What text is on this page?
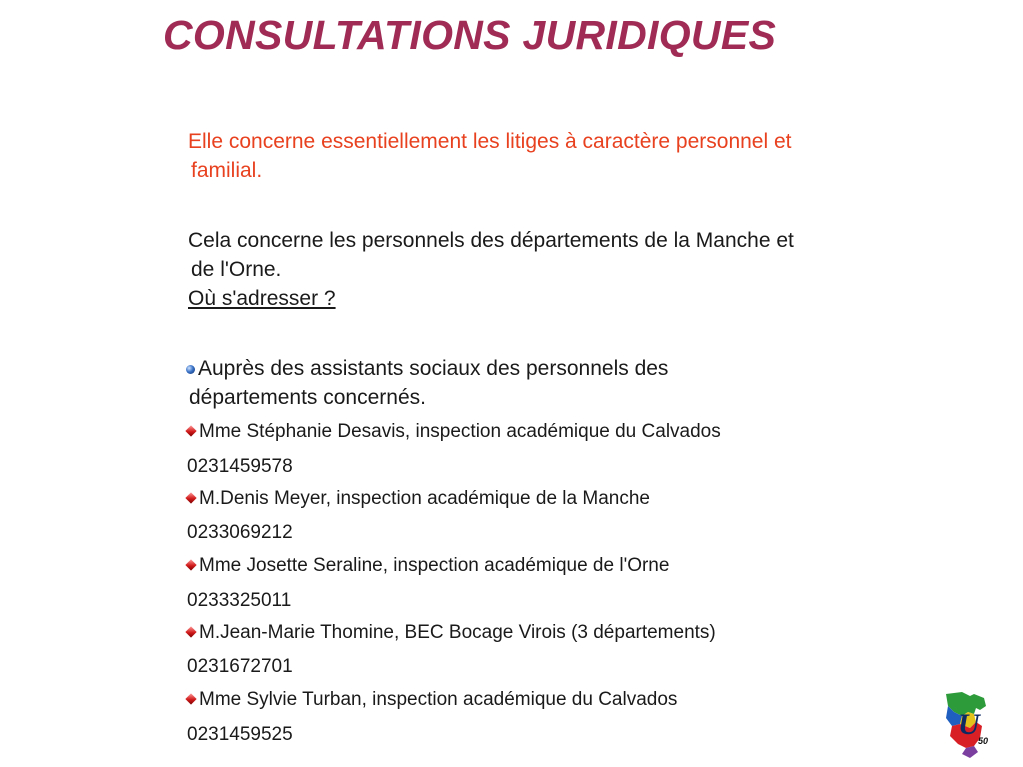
CONSULTATIONS JURIDIQUES
Elle concerne essentiellement les litiges à caractère personnel et
familial.
Cela concerne les personnels des départements de la Manche et
de l'Orne.
Où s'adresser ?
Auprès des assistants sociaux des personnels des
départements concernés.
Mme Stéphanie Desavis, inspection académique du Calvados
0231459578
M.Denis Meyer, inspection académique de la Manche
0233069212
Mme Josette Seraline, inspection académique de l'Orne
0233325011
M.Jean-Marie Thomine, BEC Bocage Virois (3 départements)
0231672701
Mme Sylvie Turban, inspection académique du Calvados
0231459525	U
50
